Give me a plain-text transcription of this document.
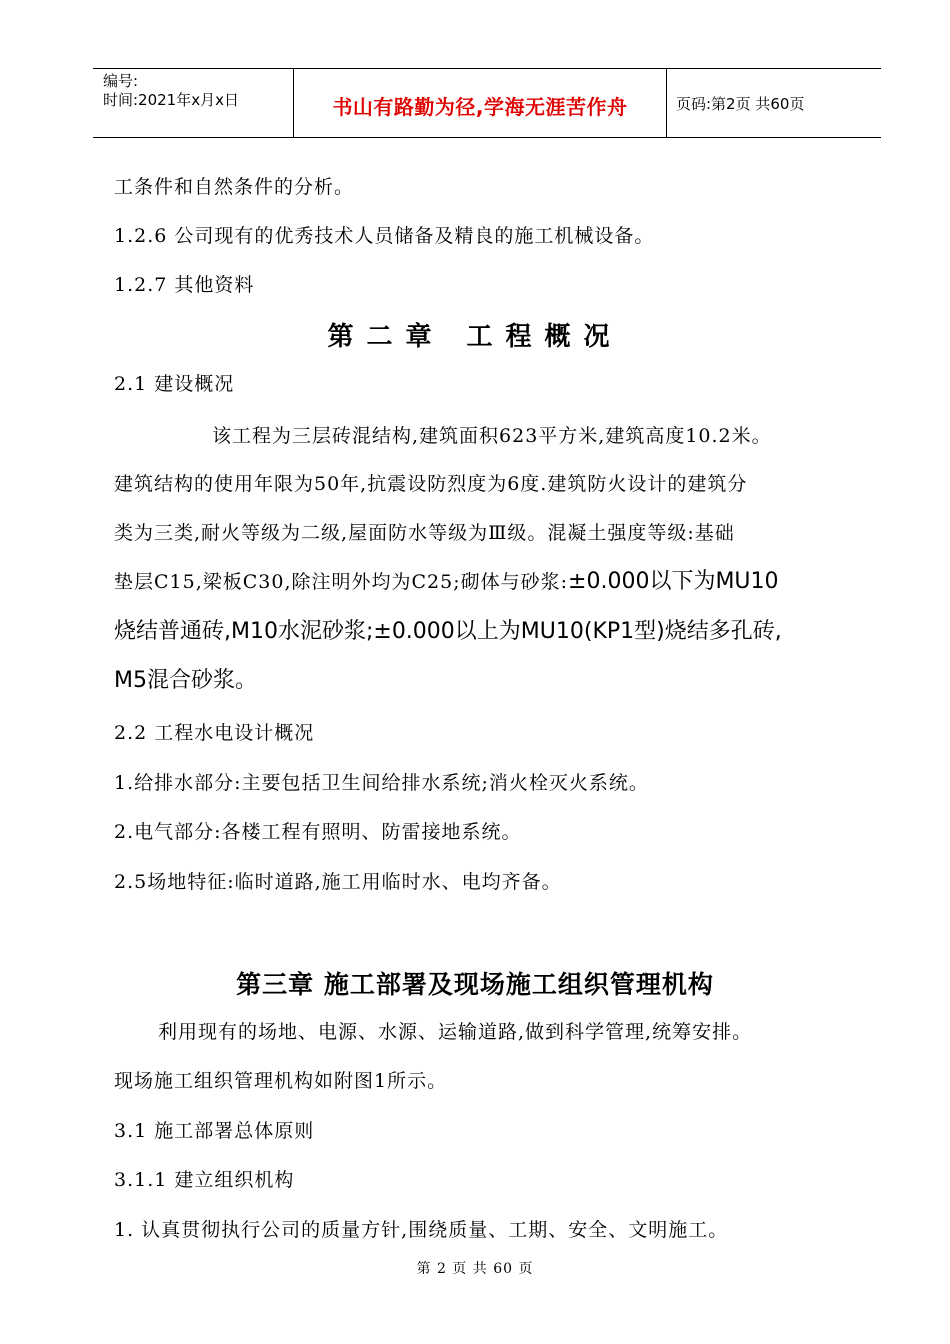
编号:
时间:2021年x月x日	书山有路勤为径,学海无涯苦作舟	页码:第2页 共60页
工条件和自然条件的分析。
1.2.6 公司现有的优秀技术人员储备及精良的施工机械设备。
1.2.7 其他资料
第二章 工程概况
2.1 建设概况
该工程为三层砖混结构,建筑面积623平方米,建筑高度10.2米。
建筑结构的使用年限为50年,抗震设防烈度为6度.建筑防火设计的建筑分
类为三类,耐火等级为二级,屋面防水等级为Ⅲ级。混凝土强度等级:基础
垫层C15,梁板C30,除注明外均为C25;砌体与砂浆:±0.000以下为MU10
烧结普通砖,M10水泥砂浆;±0.000以上为MU10(KP1型)烧结多孔砖,
M5混合砂浆。
2.2 工程水电设计概况
1.给排水部分:主要包括卫生间给排水系统;消火栓灭火系统。
2.电气部分:各楼工程有照明、防雷接地系统。
2.5场地特征:临时道路,施工用临时水、电均齐备。
第三章 施工部署及现场施工组织管理机构
利用现有的场地、电源、水源、运输道路,做到科学管理,统筹安排。
现场施工组织管理机构如附图1所示。
3.1 施工部署总体原则
3.1.1 建立组织机构
1. 认真贯彻执行公司的质量方针,围绕质量、工期、安全、文明施工。
第 2 页 共 60 页
